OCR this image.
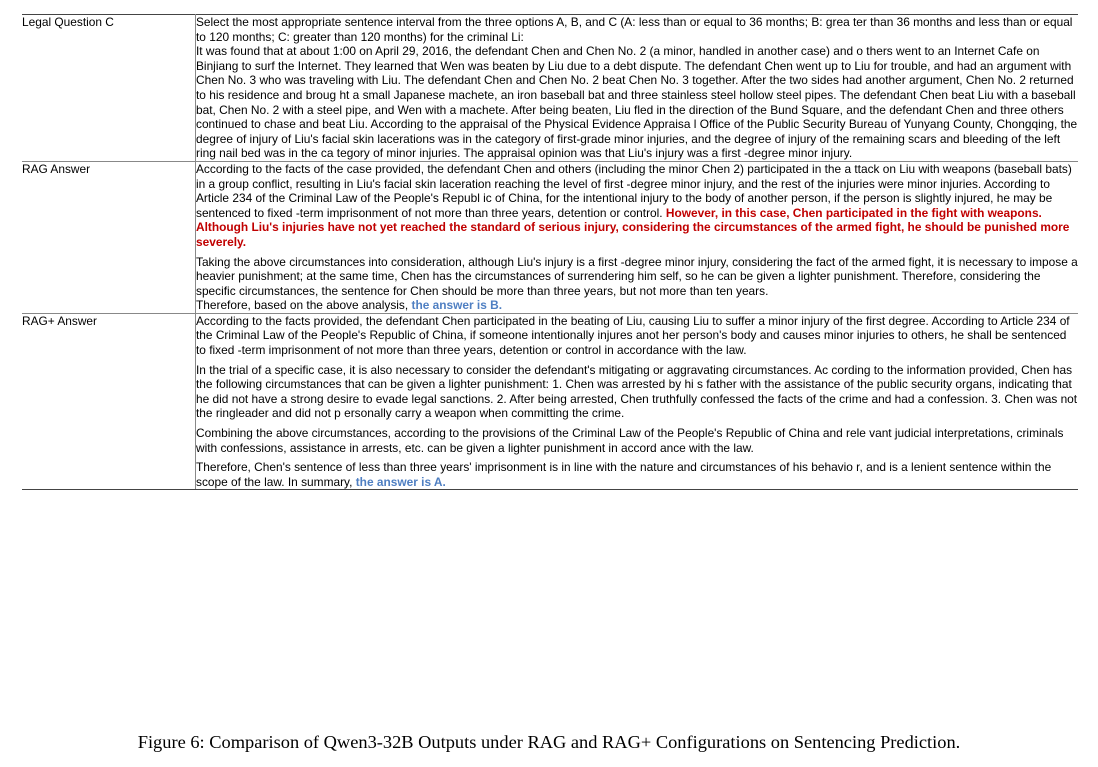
Legal Question C	Select the most appropriate sentence interval from the three options A, B, and C (A: less than or equal to 36 months; B: grea ter than 36 months and less than or equal to 120 months; C: greater than 120 months) for the criminal Li:

It was found that at about 1:00 on April 29, 2016, the defendant Chen and Chen No. 2 (a minor, handled in another case) and o thers went to an Internet Cafe on Binjiang to surf the Internet. They learned that Wen was beaten by Liu due to a debt dispute. The defendant Chen went up to Liu for trouble, and had an argument with Chen No. 3 who was traveling with Liu. The defendant Chen and Chen No. 2 beat Chen No. 3 together. After the two sides had another argument, Chen No. 2 returned to his residence and broug ht a small Japanese machete, an iron baseball bat and three stainless steel hollow steel pipes. The defendant Chen beat Liu with a baseball bat, Chen No. 2 with a steel pipe, and Wen with a machete. After being beaten, Liu fled in the direction of the Bund Square, and the defendant Chen and three others continued to chase and beat Liu. According to the appraisal of the Physical Evidence Appraisa l Office of the Public Security Bureau of Yunyang County, Chongqing, the degree of injury of Liu's facial skin lacerations was in the category of first-grade minor injuries, and the degree of injury of the remaining scars and bleeding of the left ring nail bed was in the ca tegory of minor injuries. The appraisal opinion was that Liu's injury was a first -degree minor injury.

RAG Answer	According to the facts of the case provided, the defendant Chen and others (including the minor Chen 2) participated in the a ttack on Liu with weapons (baseball bats) in a group conflict, resulting in Liu's facial skin laceration reaching the level of first -degree minor injury, and the rest of the injuries were minor injuries. According to Article 234 of the Criminal Law of the People's Republ ic of China, for the intentional injury to the body of another person, if the person is slightly injured, he may be sentenced to fixed -term imprisonment of not more than three years, detention or control. However, in this case, Chen participated in the fight with weapons. Although Liu's injuries have not yet reached the standard of serious injury, considering the circumstances of the armed fight, he should be punished more severely.

Taking the above circumstances into consideration, although Liu's injury is a first -degree minor injury, considering the fact of the armed fight, it is necessary to impose a heavier punishment; at the same time, Chen has the circumstances of surrendering him self, so he can be given a lighter punishment. Therefore, considering the specific circumstances, the sentence for Chen should be more than three years, but not more than ten years.

Therefore, based on the above analysis, the answer is B.

RAG+ Answer	According to the facts provided, the defendant Chen participated in the beating of Liu, causing Liu to suffer a minor injury of the first degree. According to Article 234 of the Criminal Law of the People's Republic of China, if someone intentionally injures anot her person's body and causes minor injuries to others, he shall be sentenced to fixed -term imprisonment of not more than three years, detention or control in accordance with the law.

In the trial of a specific case, it is also necessary to consider the defendant's mitigating or aggravating circumstances. Ac cording to the information provided, Chen has the following circumstances that can be given a lighter punishment: 1. Chen was arrested by hi s father with the assistance of the public security organs, indicating that he did not have a strong desire to evade legal sanctions. 2. After being arrested, Chen truthfully confessed the facts of the crime and had a confession. 3. Chen was not the ringleader and did not p ersonally carry a weapon when committing the crime.

Combining the above circumstances, according to the provisions of the Criminal Law of the People's Republic of China and rele vant judicial interpretations, criminals with confessions, assistance in arrests, etc. can be given a lighter punishment in accord ance with the law.

Therefore, Chen's sentence of less than three years' imprisonment is in line with the nature and circumstances of his behavio r, and is a lenient sentence within the scope of the law. In summary, the answer is A.

Figure 6: Comparison of Qwen3-32B Outputs under RAG and RAG+ Configurations on Sentencing Prediction.
